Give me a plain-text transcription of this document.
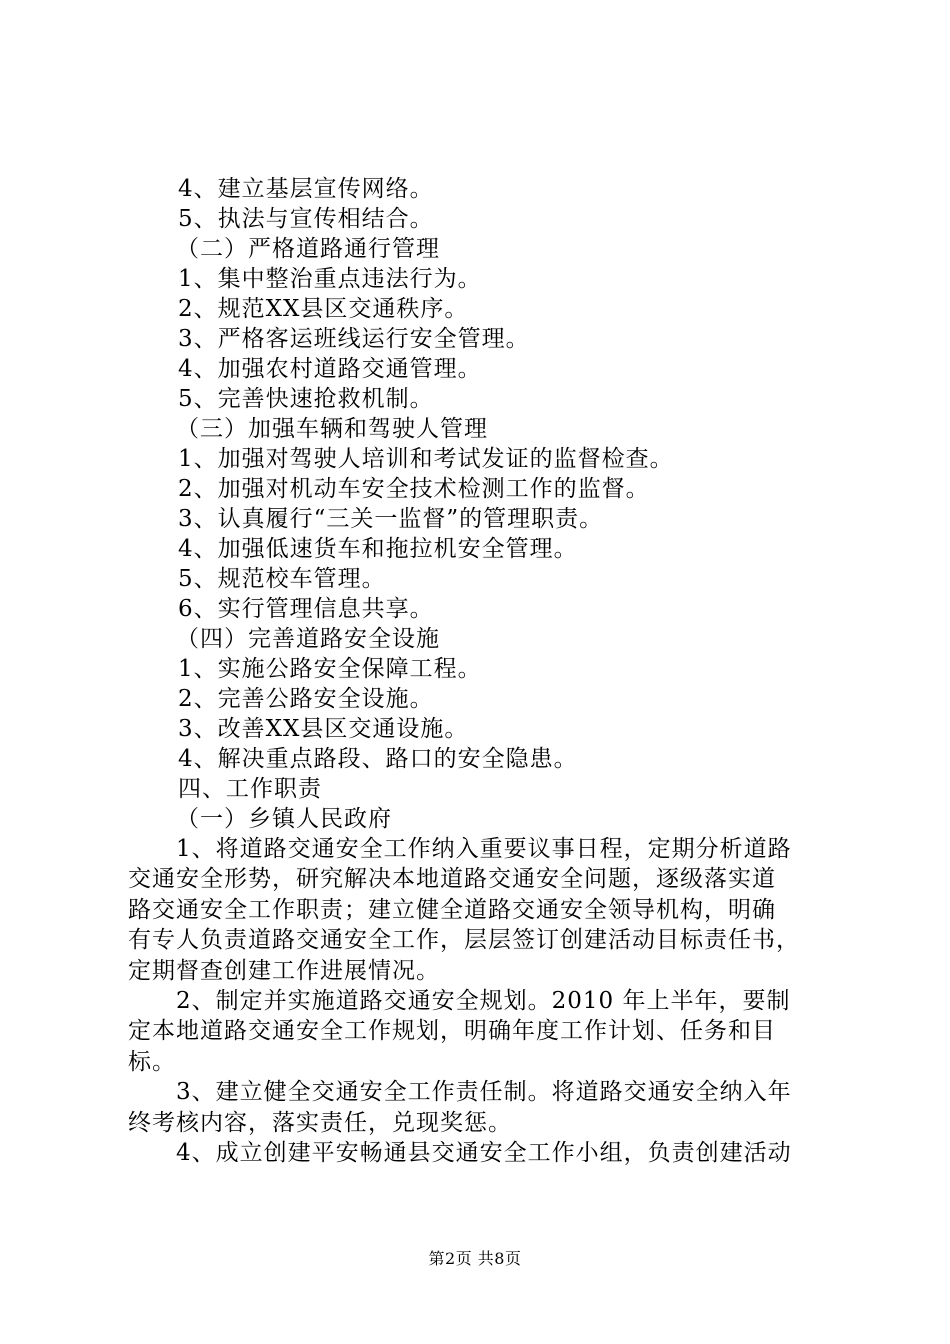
4、建立基层宣传网络。
5、执法与宣传相结合。
（二）严格道路通行管理
1、集中整治重点违法行为。
2、规范XX县区交通秩序。
3、严格客运班线运行安全管理。
4、加强农村道路交通管理。
5、完善快速抢救机制。
（三）加强车辆和驾驶人管理
1、加强对驾驶人培训和考试发证的监督检查。
2、加强对机动车安全技术检测工作的监督。
3、认真履行“三关一监督”的管理职责。
4、加强低速货车和拖拉机安全管理。
5、规范校车管理。
6、实行管理信息共享。
（四）完善道路安全设施
1、实施公路安全保障工程。
2、完善公路安全设施。
3、改善XX县区交通设施。
4、解决重点路段、路口的安全隐患。
四、工作职责
（一）乡镇人民政府
1、将道路交通安全工作纳入重要议事日程，定期分析道路
交通安全形势，研究解决本地道路交通安全问题，逐级落实道
路交通安全工作职责；建立健全道路交通安全领导机构，明确
有专人负责道路交通安全工作，层层签订创建活动目标责任书，
定期督查创建工作进展情况。
2、制定并实施道路交通安全规划。2010 年上半年，要制
定本地道路交通安全工作规划，明确年度工作计划、任务和目
标。
3、建立健全交通安全工作责任制。将道路交通安全纳入年
终考核内容，落实责任，兑现奖惩。
4、成立创建平安畅通县交通安全工作小组，负责创建活动
第2页 共8页
